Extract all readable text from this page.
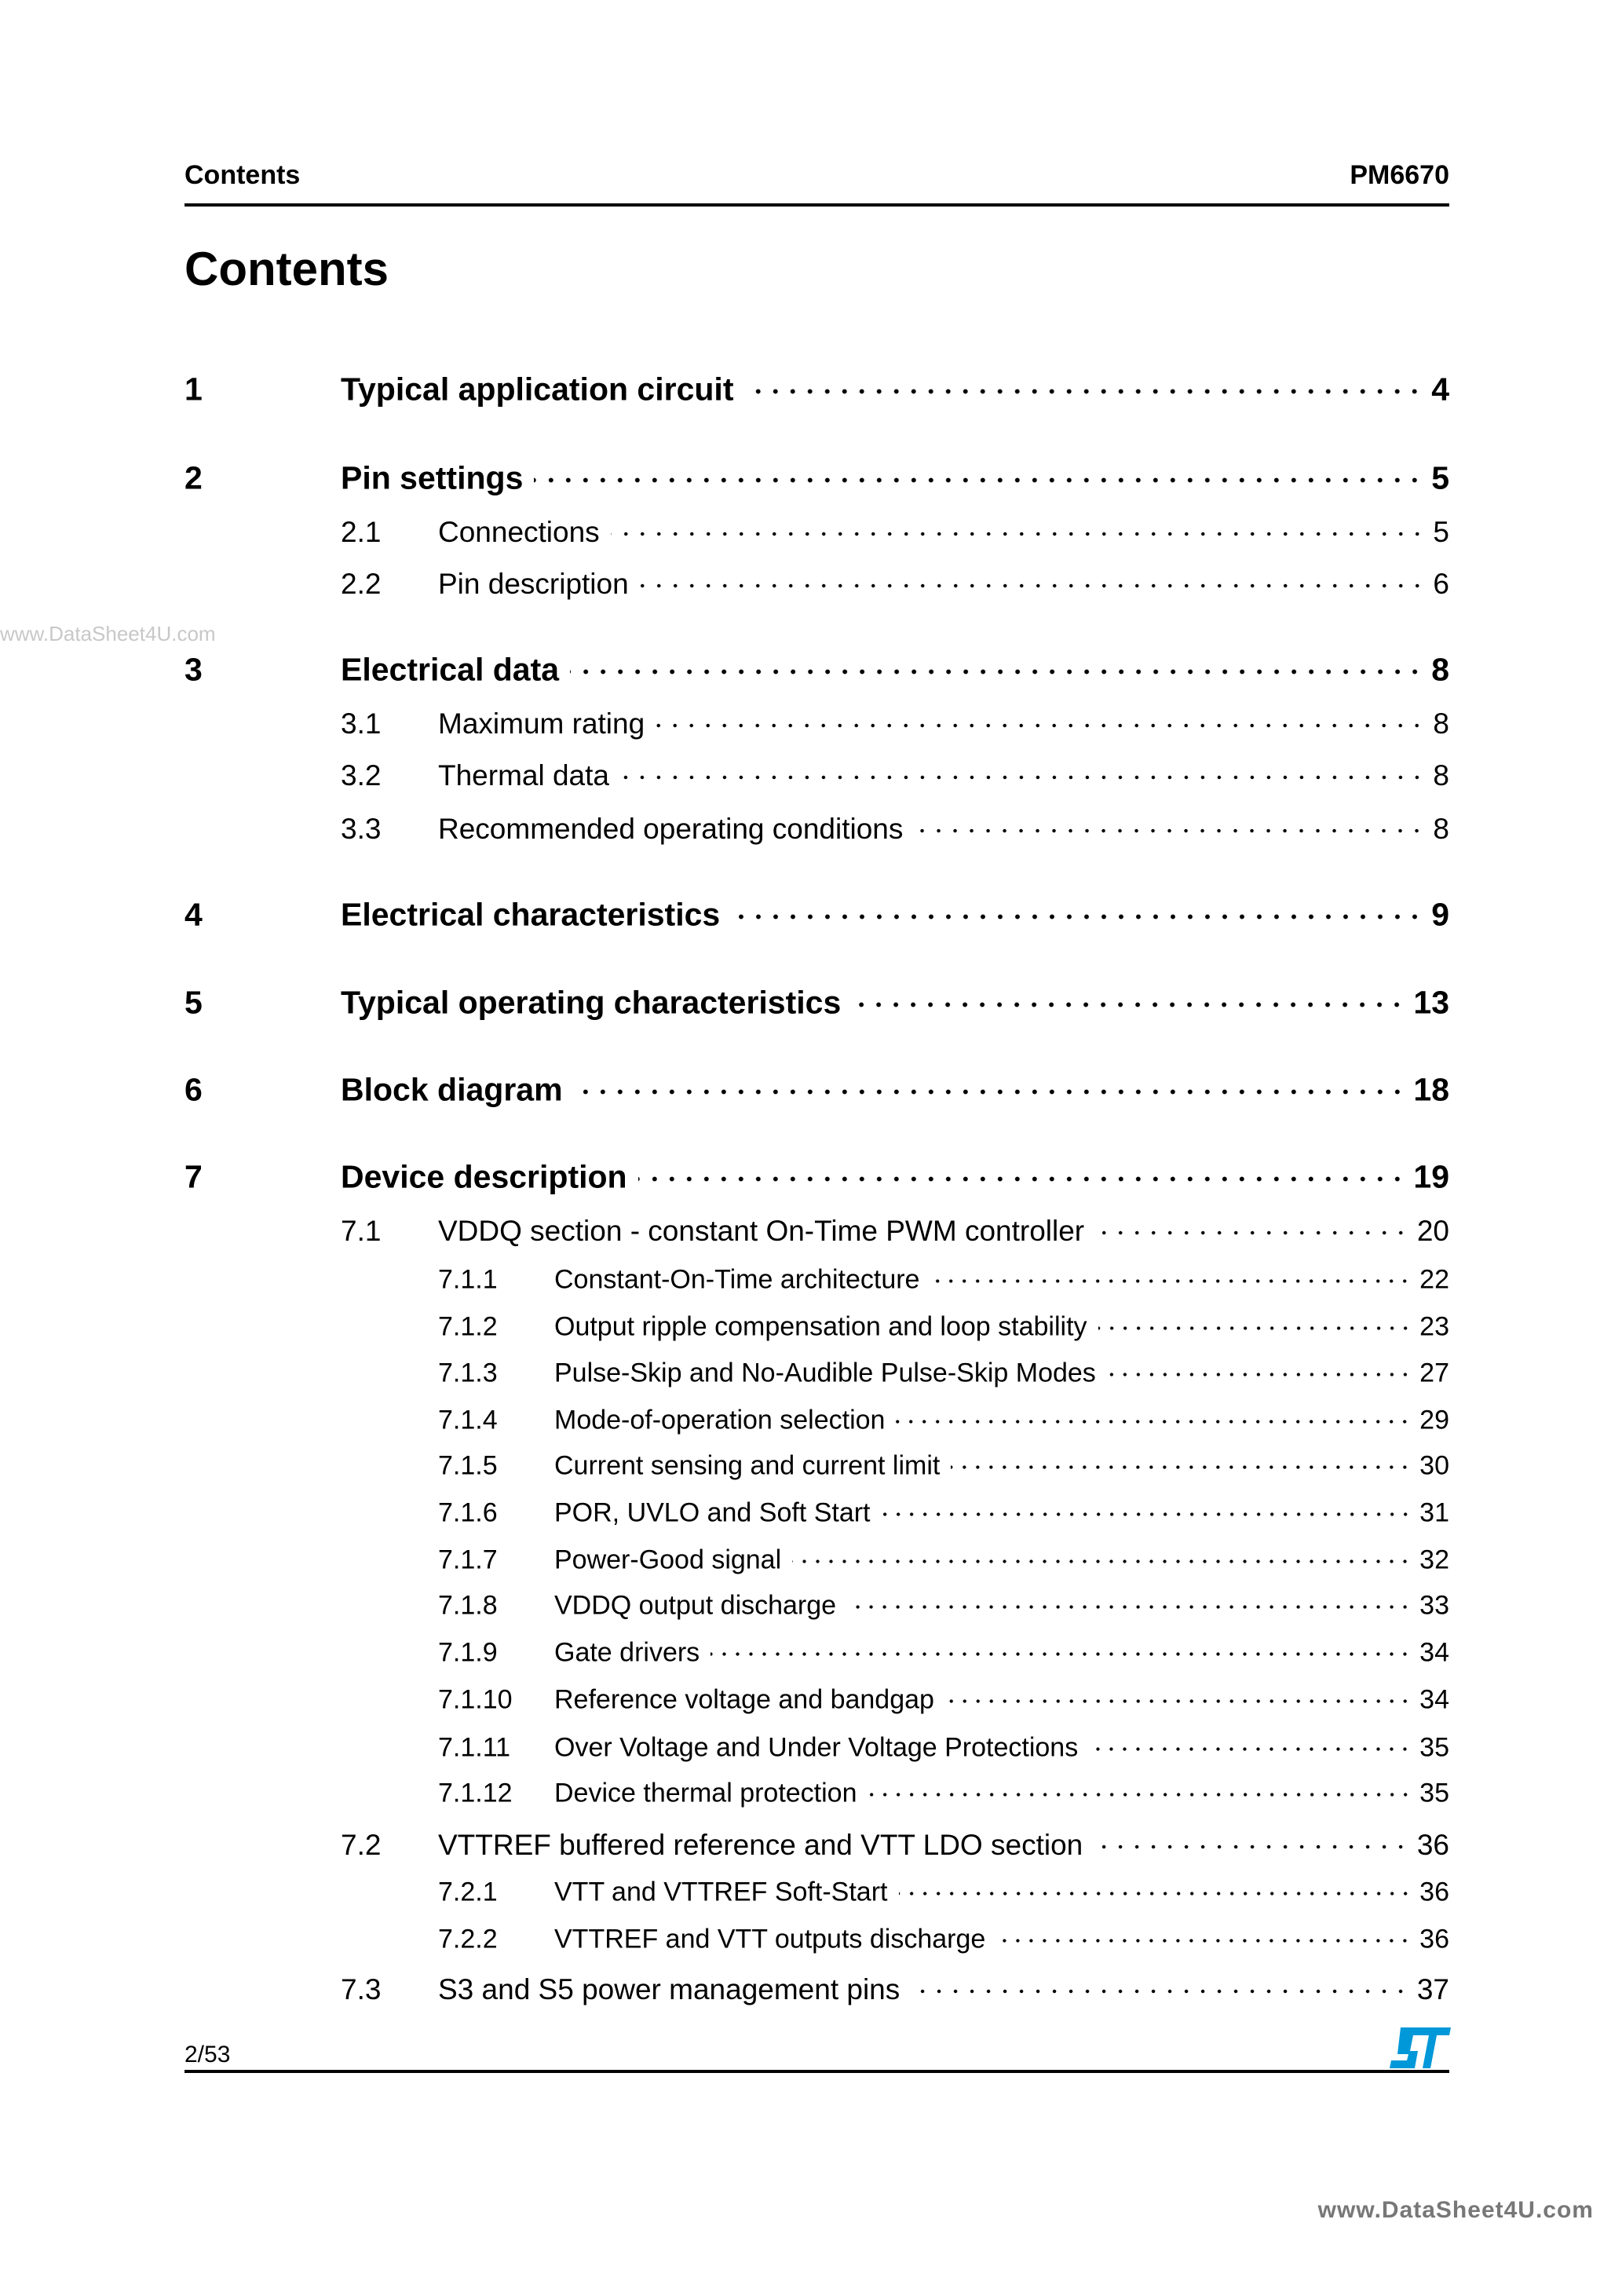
Contents	PM6670
Contents
www.DataSheet4U.com
1	Typical application circuit	4
2	Pin settings	5
2.1	Connections	5
2.2	Pin description	6
3	Electrical data	8
3.1	Maximum rating	8
3.2	Thermal data	8
3.3	Recommended operating conditions	8
4	Electrical characteristics	9
5	Typical operating characteristics	13
6	Block diagram	18
7	Device description	19
7.1	VDDQ section - constant On-Time PWM controller	20
7.1.1	Constant-On-Time architecture	22
7.1.2	Output ripple compensation and loop stability	23
7.1.3	Pulse-Skip and No-Audible Pulse-Skip Modes	27
7.1.4	Mode-of-operation selection	29
7.1.5	Current sensing and current limit	30
7.1.6	POR, UVLO and Soft Start	31
7.1.7	Power-Good signal	32
7.1.8	VDDQ output discharge	33
7.1.9	Gate drivers	34
7.1.10	Reference voltage and bandgap	34
7.1.11	Over Voltage and Under Voltage Protections	35
7.1.12	Device thermal protection	35
7.2	VTTREF buffered reference and VTT LDO section	36
7.2.1	VTT and VTTREF Soft-Start	36
7.2.2	VTTREF and VTT outputs discharge	36
7.3	S3 and S5 power management pins	37
2/53
www.DataSheet4U.com
